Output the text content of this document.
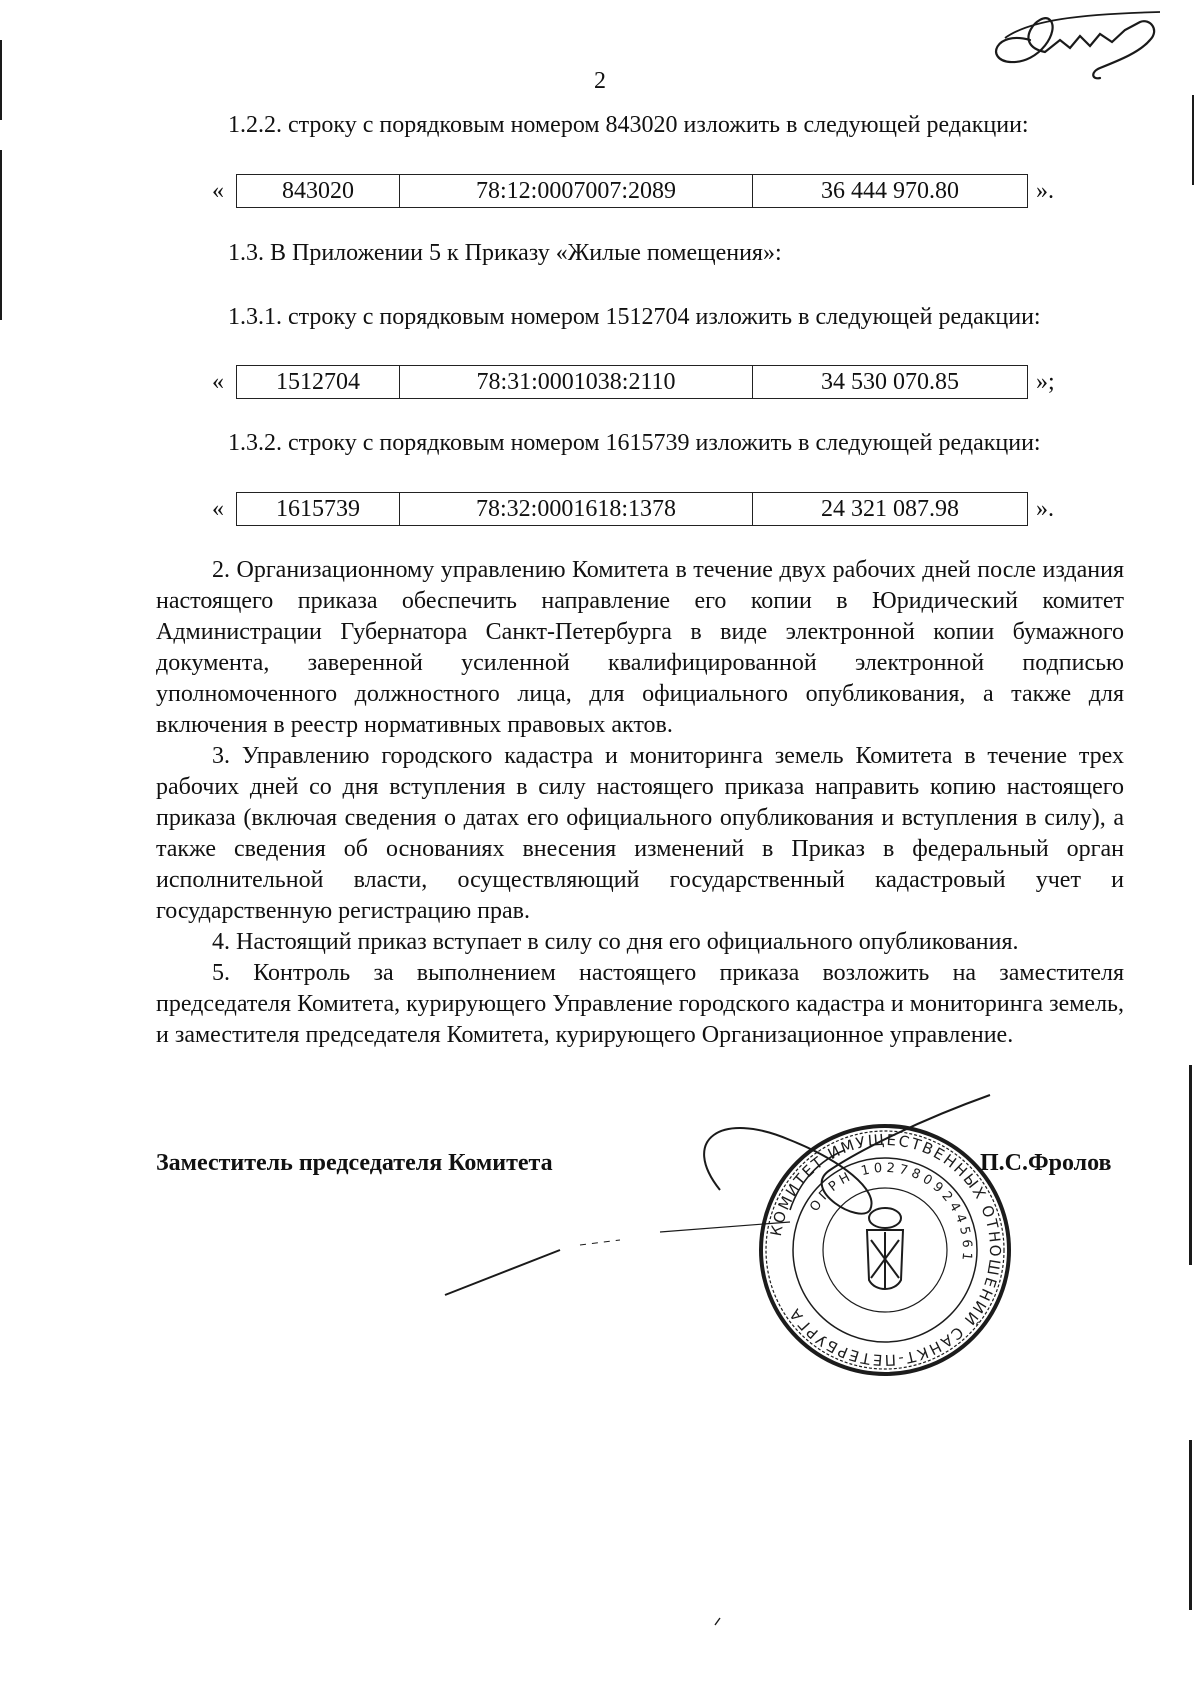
2
1.2.2. строку с порядковым номером 843020 изложить в следующей редакции:
«	843020	78:12:0007007:2089	36 444 970.80	».
1.3. В Приложении 5 к Приказу «Жилые помещения»:
1.3.1. строку с порядковым номером 1512704 изложить в следующей редакции:
«	1512704	78:31:0001038:2110	34 530 070.85	»;
1.3.2. строку с порядковым номером 1615739 изложить в следующей редакции:
«	1615739	78:32:0001618:1378	24 321 087.98	».

2. Организационному управлению Комитета в течение двух рабочих дней после издания настоящего приказа обеспечить направление его копии в Юридический комитет Администрации Губернатора Санкт-Петербурга в виде электронной копии бумажного документа, заверенной усиленной квалифицированной электронной подписью уполномоченного должностного лица, для официального опубликования, а также для включения в реестр нормативных правовых актов.

3. Управлению городского кадастра и мониторинга земель Комитета в течение трех рабочих дней со дня вступления в силу настоящего приказа направить копию настоящего приказа (включая сведения о датах его официального опубликования и вступления в силу), а также сведения об основаниях внесения изменений в Приказ в федеральный орган исполнительной власти, осуществляющий государственный кадастровый учет и государственную регистрацию прав.

4. Настоящий приказ вступает в силу со дня его официального опубликования.

5. Контроль за выполнением настоящего приказа возложить на заместителя председателя Комитета, курирующего Управление городского кадастра и мониторинга земель, и заместителя председателя Комитета, курирующего Организационное управление.

Заместитель председателя Комитета	П.С.Фролов
КОМИТЕТ ИМУЩЕСТВЕННЫХ ОТНОШЕНИЙ САНКТ-ПЕТЕРБУРГА
ОГРН 1027809244561
